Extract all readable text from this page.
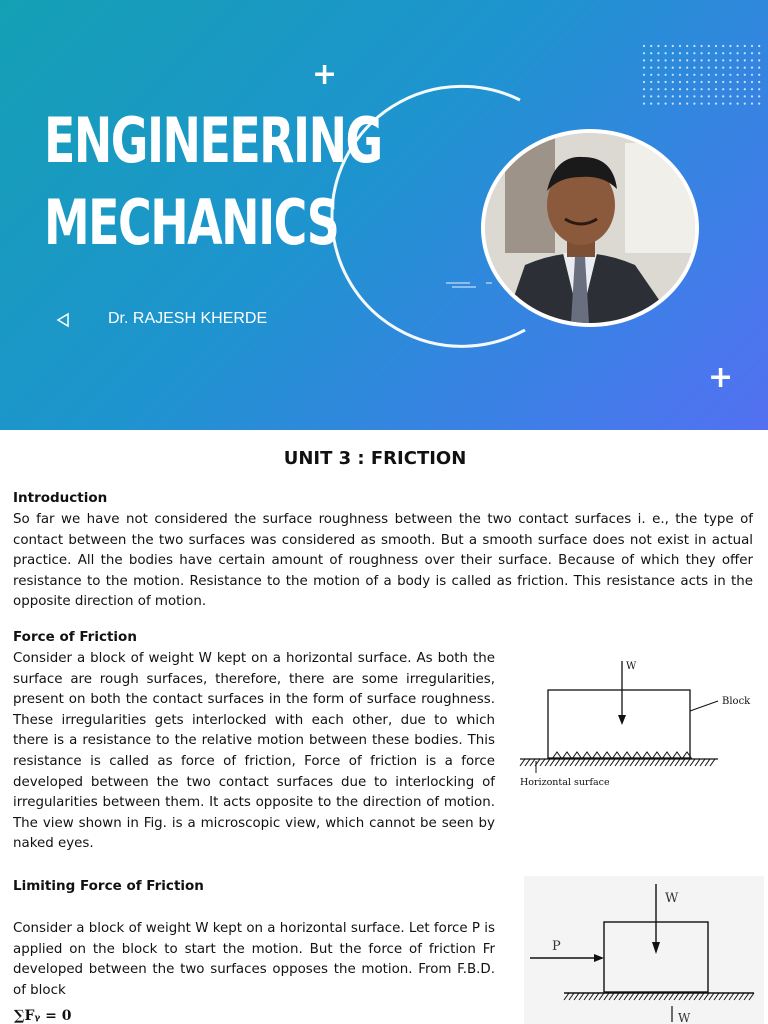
+
+
ENGINEERING
MECHANICS
Dr. RAJESH KHERDE
UNIT 3 : FRICTION
Introduction
So far we have not considered the surface roughness between the two contact surfaces i. e., the type of contact between the two surfaces was considered as smooth. But a smooth surface does not exist in actual practice. All the bodies have certain amount of roughness over their surface. Because of which they offer resistance to the motion. Resistance to the motion of a body is called as friction. This resistance acts in the opposite direction of motion.
Force of Friction
Consider a block of weight W kept on a horizontal surface. As both the surface are rough surfaces, therefore, there are some irregularities, present on both the contact surfaces in the form of surface roughness. These irregularities gets interlocked with each other, due to which there is a resistance to the relative motion between these bodies. This resistance is called as force of friction, Force of friction is a force developed between the two contact surfaces due to interlocking of irregularities between them. It acts opposite to the direction of motion. The view shown in Fig. is a microscopic view, which cannot be seen by naked eyes.
W
Block
Horizontal surface
Limiting Force of Friction
Consider a block of weight W kept on a horizontal surface. Let force P is applied on the block to start the motion. But the force of friction Fr developed between the two surfaces opposes the motion. From F.B.D. of block
W
P
W
∑Fᵧ = 0
